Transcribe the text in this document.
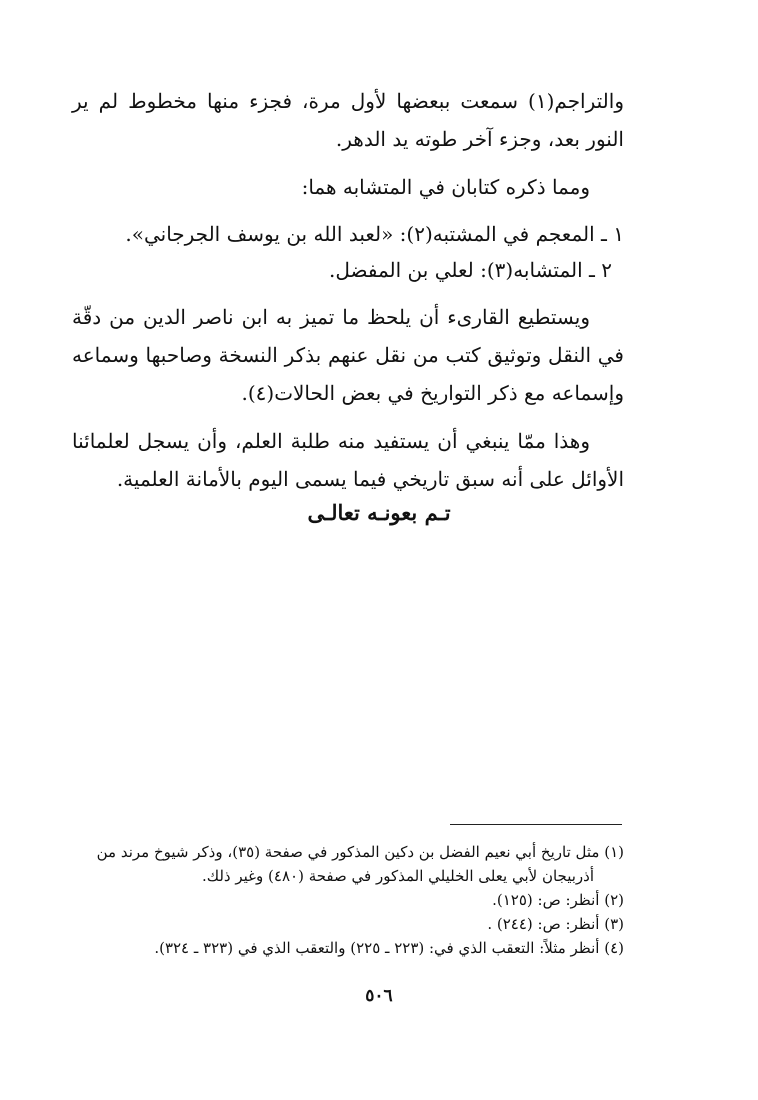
والتراجم(١) سمعت ببعضها لأول مرة، فجزء منها مخطوط لم ير النور بعد، وجزء آخر طوته يد الدهر.

ومما ذكره كتابان في المتشابه هما:

١ ـ المعجم في المشتبه(٢): «لعبد الله بن يوسف الجرجاني».

٢ ـ المتشابه(٣): لعلي بن المفضل.

ويستطيع القارىء أن يلحظ ما تميز به ابن ناصر الدين من دقّة في النقل وتوثيق كتب من نقل عنهم بذكر النسخة وصاحبها وسماعه وإسماعه مع ذكر التواريخ في بعض الحالات(٤).

وهذا ممّا ينبغي أن يستفيد منه طلبة العلم، وأن يسجل لعلمائنا الأوائل على أنه سبق تاريخي فيما يسمى اليوم بالأمانة العلمية.

تـم بعونـه تعالـى

(١) مثل تاريخ أبي نعيم الفضل بن دكين المذكور في صفحة (٣٥)، وذكر شيوخ مرند من

أذربيجان لأبي يعلى الخليلي المذكور في صفحة (٤٨٠) وغير ذلك.

(٢) أنظر: ص: (١٢٥).

(٣) أنظر: ص: (٢٤٤) .

(٤) أنظر مثلاً: التعقب الذي في: (٢٢٣ ـ ٢٢٥) والتعقب الذي في (٣٢٣ ـ ٣٢٤).

٥٠٦
